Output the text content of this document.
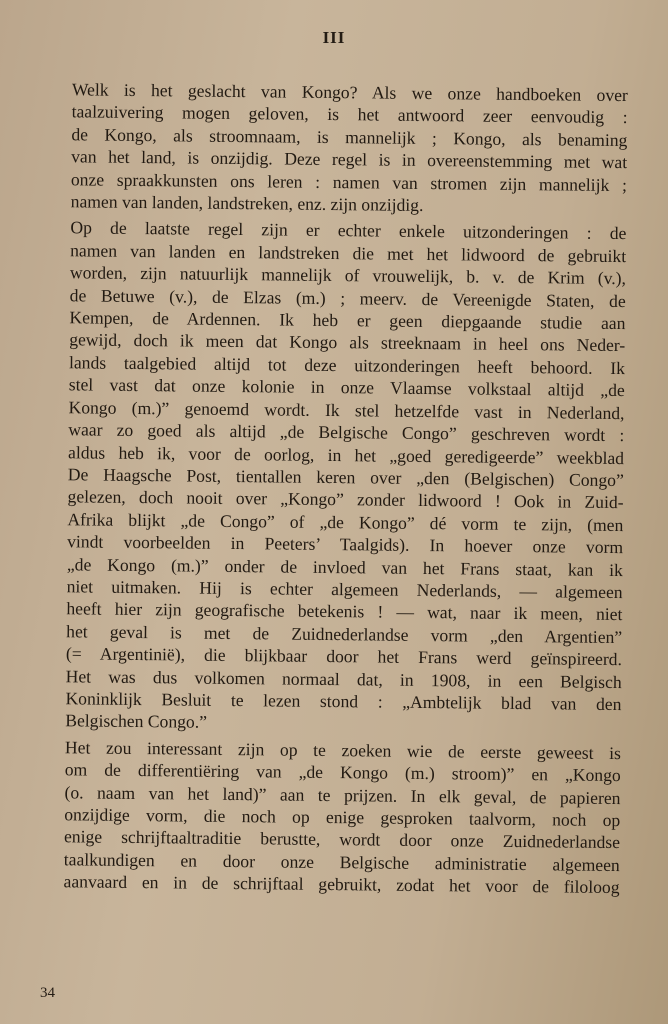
III

Welk is het geslacht van Kongo? Als we onze handboeken over
taalzuivering mogen geloven, is het antwoord zeer eenvoudig :
de Kongo, als stroomnaam, is mannelijk ; Kongo, als benaming
van het land, is onzijdig. Deze regel is in overeenstemming met wat
onze spraakkunsten ons leren : namen van stromen zijn mannelijk ;
namen van landen, landstreken, enz. zijn onzijdig.

Op de laatste regel zijn er echter enkele uitzonderingen : de
namen van landen en landstreken die met het lidwoord de gebruikt
worden, zijn natuurlijk mannelijk of vrouwelijk, b. v. de Krim (v.),
de Betuwe (v.), de Elzas (m.) ; meerv. de Vereenigde Staten, de
Kempen, de Ardennen. Ik heb er geen diepgaande studie aan
gewijd, doch ik meen dat Kongo als streeknaam in heel ons Neder-
lands taalgebied altijd tot deze uitzonderingen heeft behoord. Ik
stel vast dat onze kolonie in onze Vlaamse volkstaal altijd „de
Kongo (m.)” genoemd wordt. Ik stel hetzelfde vast in Nederland,
waar zo goed als altijd „de Belgische Congo” geschreven wordt :
aldus heb ik, voor de oorlog, in het „goed geredigeerde” weekblad
De Haagsche Post, tientallen keren over „den (Belgischen) Congo”
gelezen, doch nooit over „Kongo” zonder lidwoord ! Ook in Zuid-
Afrika blijkt „de Congo” of „de Kongo” dé vorm te zijn, (men
vindt voorbeelden in Peeters’ Taalgids). In hoever onze vorm
„de Kongo (m.)” onder de invloed van het Frans staat, kan ik
niet uitmaken. Hij is echter algemeen Nederlands, — algemeen
heeft hier zijn geografische betekenis ! — wat, naar ik meen, niet
het geval is met de Zuidnederlandse vorm „den Argentien”
(= Argentinië), die blijkbaar door het Frans werd geïnspireerd.
Het was dus volkomen normaal dat, in 1908, in een Belgisch
Koninklijk Besluit te lezen stond : „Ambtelijk blad van den
Belgischen Congo.”

Het zou interessant zijn op te zoeken wie de eerste geweest is
om de differentiëring van „de Kongo (m.) stroom)” en „Kongo
(o. naam van het land)” aan te prijzen. In elk geval, de papieren
onzijdige vorm, die noch op enige gesproken taalvorm, noch op
enige schrijftaaltraditie berustte, wordt door onze Zuidnederlandse
taalkundigen en door onze Belgische administratie algemeen
aanvaard en in de schrijftaal gebruikt, zodat het voor de filoloog

34
